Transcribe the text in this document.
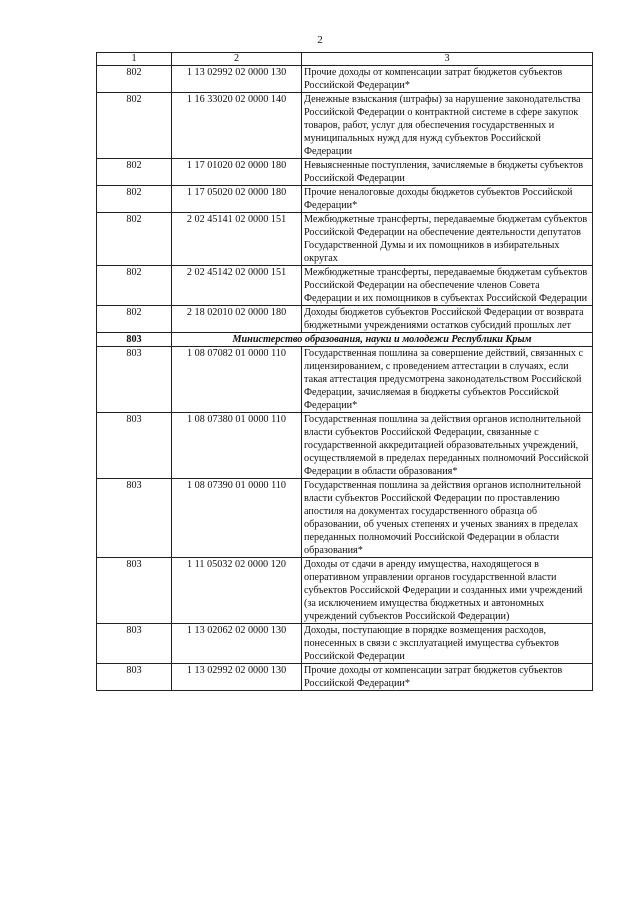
2
1	2	3
802	1 13 02992 02 0000 130	Прочие доходы от компенсации затрат бюджетов субъектов Российской Федерации*
802	1 16 33020 02 0000 140	Денежные взыскания (штрафы) за нарушение законодательства Российской Федерации о контрактной системе в сфере закупок товаров, работ, услуг для обеспечения государственных и муниципальных нужд для нужд субъектов Российской Федерации
802	1 17 01020 02 0000 180	Невыясненные поступления, зачисляемые в бюджеты субъектов Российской Федерации
802	1 17 05020 02 0000 180	Прочие неналоговые доходы бюджетов субъектов Российской Федерации*
802	2 02 45141 02 0000 151	Межбюджетные трансферты, передаваемые бюджетам субъектов Российской Федерации на обеспечение деятельности депутатов Государственной Думы и их помощников в избирательных округах
802	2 02 45142 02 0000 151	Межбюджетные трансферты, передаваемые бюджетам субъектов Российской Федерации на обеспечение членов Совета Федерации и их помощников в субъектах Российской Федерации
802	2 18 02010 02 0000 180	Доходы бюджетов субъектов Российской Федерации от возврата бюджетными учреждениями остатков субсидий прошлых лет
803	Министерство образования, науки и молодежи Республики Крым	
803	1 08 07082 01 0000 110	Государственная пошлина за совершение действий, связанных с лицензированием, с проведением аттестации в случаях, если такая аттестация предусмотрена законодательством Российской Федерации, зачисляемая в бюджеты субъектов Российской Федерации*
803	1 08 07380 01 0000 110	Государственная пошлина за действия органов исполнительной власти субъектов Российской Федерации, связанные с государственной аккредитацией образовательных учреждений, осуществляемой в пределах переданных полномочий Российской Федерации в области образования*
803	1 08 07390 01 0000 110	Государственная пошлина за действия органов исполнительной власти субъектов Российской Федерации по проставлению апостиля на документах государственного образца об образовании, об ученых степенях и ученых званиях в пределах переданных полномочий Российской Федерации в области образования*
803	1 11 05032 02 0000 120	Доходы от сдачи в аренду имущества, находящегося в оперативном управлении органов государственной власти субъектов Российской Федерации и созданных ими учреждений (за исключением имущества бюджетных и автономных учреждений субъектов Российской Федерации)
803	1 13 02062 02 0000 130	Доходы, поступающие в порядке возмещения расходов, понесенных в связи с эксплуатацией имущества субъектов Российской Федерации
803	1 13 02992 02 0000 130	Прочие доходы от компенсации затрат бюджетов субъектов Российской Федерации*
